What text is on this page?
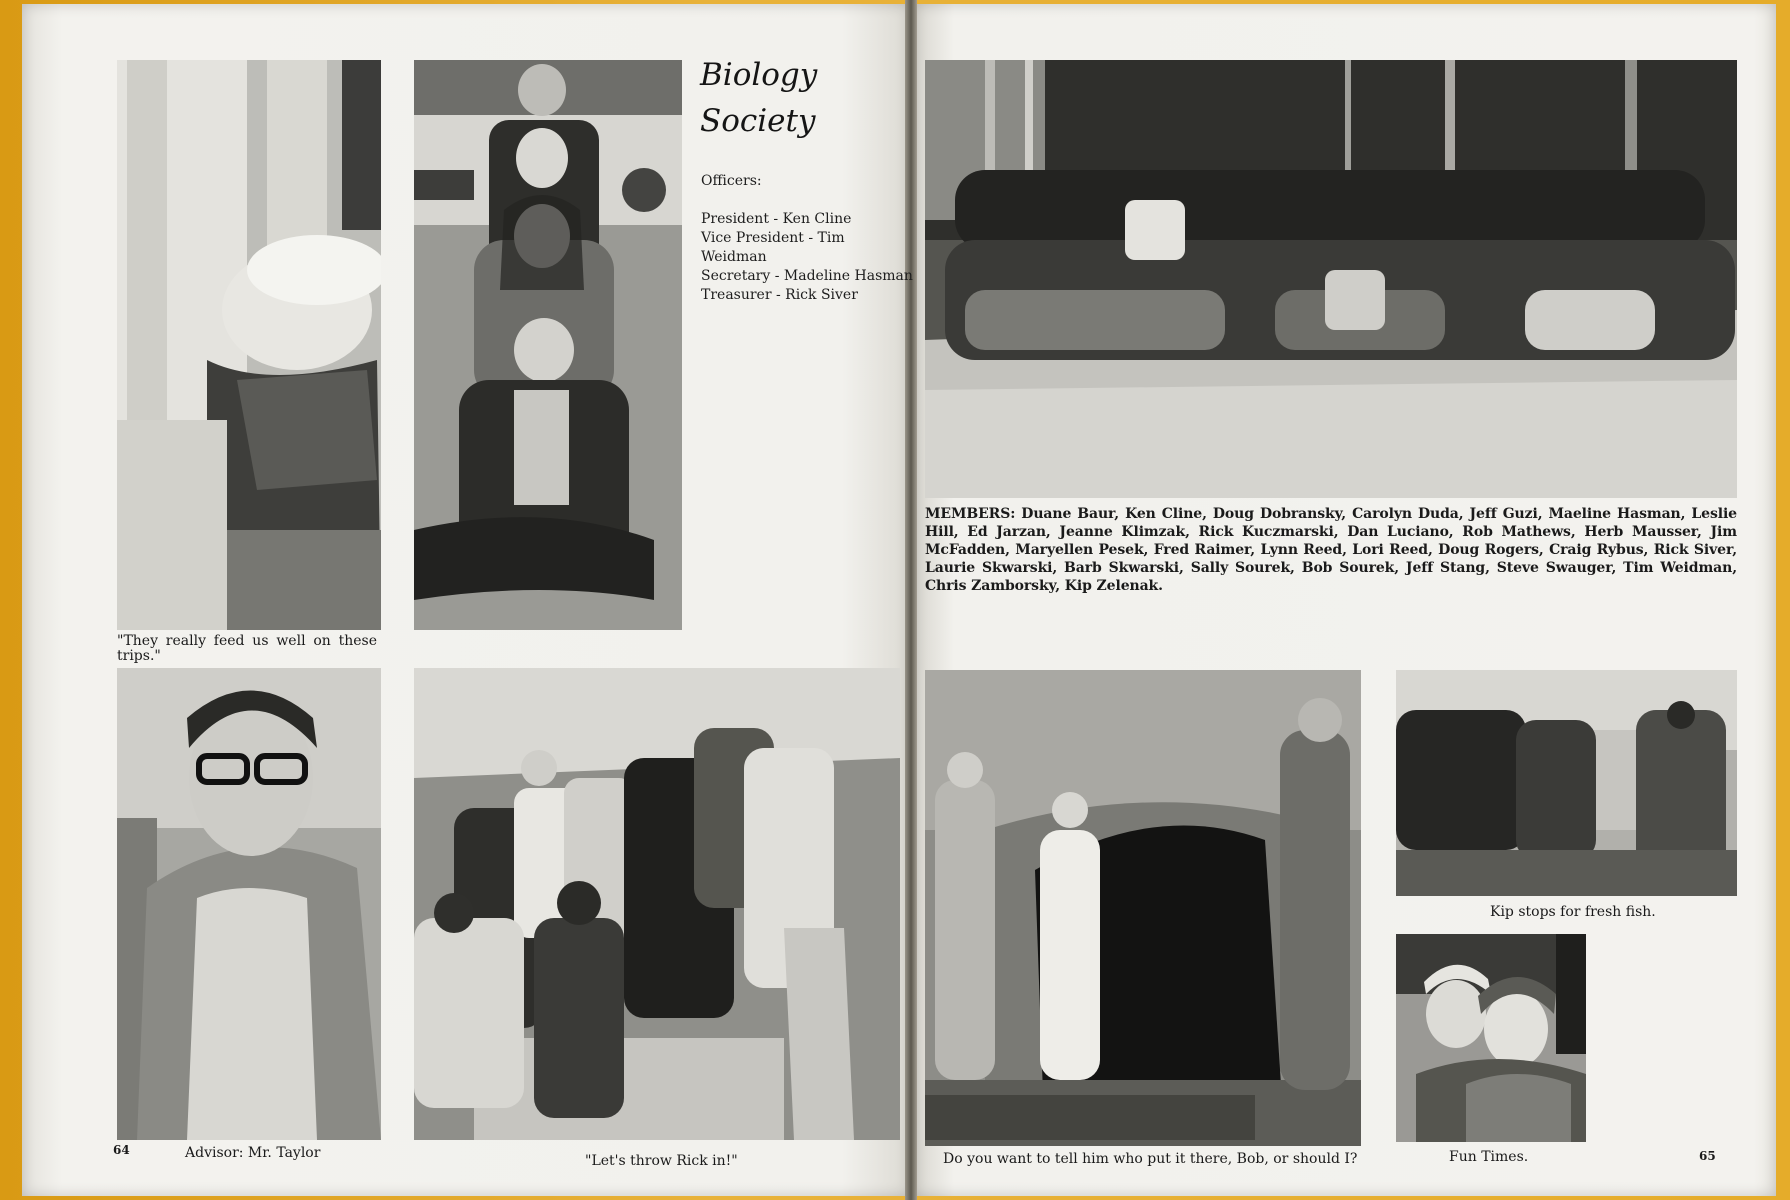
Biology
Society
Officers:
President - Ken Cline
Vice President - Tim
Weidman
Secretary - Madeline Hasman
Treasurer - Rick Siver
"They really feed us well on these trips."
64	Advisor: Mr. Taylor	"Let's throw Rick in!"
MEMBERS: Duane Baur, Ken Cline, Doug Dobransky, Carolyn Duda, Jeff Guzi, Maeline Hasman, Leslie Hill, Ed Jarzan, Jeanne Klimzak, Rick Kuczmarski, Dan Luciano, Rob Mathews, Herb Mausser, Jim McFadden, Maryellen Pesek, Fred Raimer, Lynn Reed, Lori Reed, Doug Rogers, Craig Rybus, Rick Siver, Laurie Skwarski, Barb Skwarski, Sally Sourek, Bob Sourek, Jeff Stang, Steve Swauger, Tim Weidman, Chris Zamborsky, Kip Zelenak.
Kip stops for fresh fish.
Do you want to tell him who put it there, Bob, or should I?	Fun Times.	65
